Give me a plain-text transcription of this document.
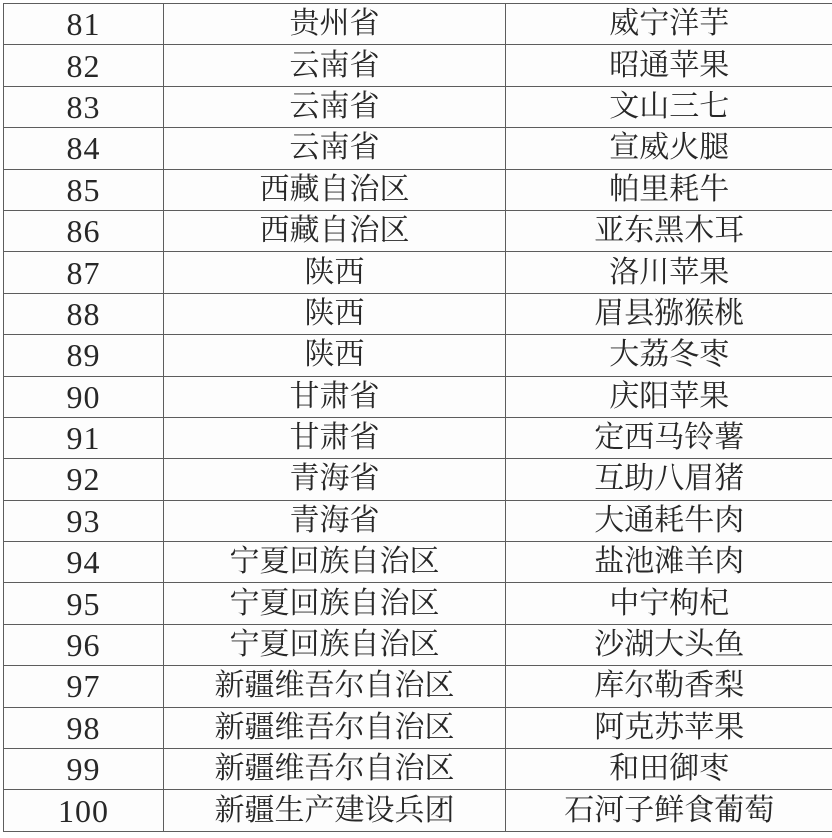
81	贵州省	威宁洋芋
82	云南省	昭通苹果
83	云南省	文山三七
84	云南省	宣威火腿
85	西藏自治区	帕里耗牛
86	西藏自治区	亚东黑木耳
87	陕西	洛川苹果
88	陕西	眉县猕猴桃
89	陕西	大荔冬枣
90	甘肃省	庆阳苹果
91	甘肃省	定西马铃薯
92	青海省	互助八眉猪
93	青海省	大通耗牛肉
94	宁夏回族自治区	盐池滩羊肉
95	宁夏回族自治区	中宁枸杞
96	宁夏回族自治区	沙湖大头鱼
97	新疆维吾尔自治区	库尔勒香梨
98	新疆维吾尔自治区	阿克苏苹果
99	新疆维吾尔自治区	和田御枣
100	新疆生产建设兵团	石河子鲜食葡萄
